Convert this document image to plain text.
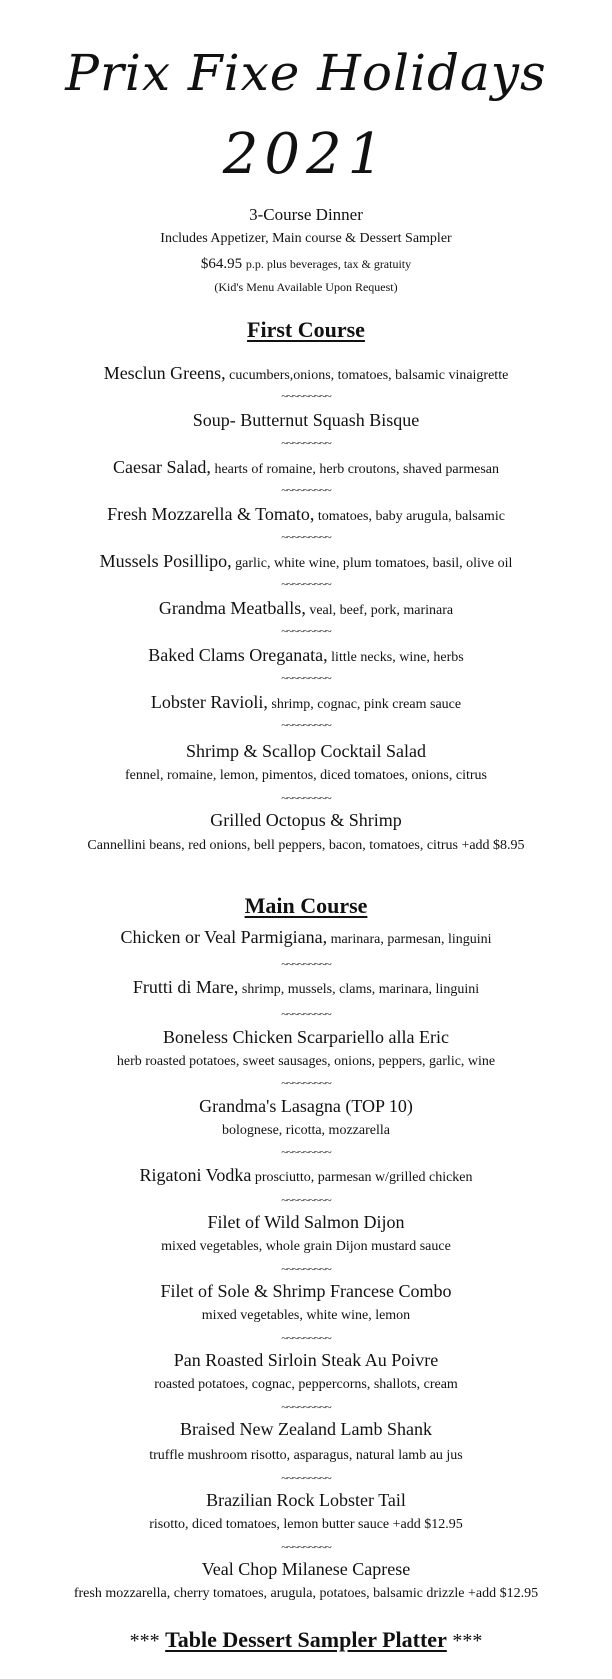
Prix Fixe Holidays
2021
3-Course Dinner
Includes Appetizer, Main course & Dessert Sampler
$64.95 p.p. plus beverages, tax & gratuity
(Kid's Menu Available Upon Request)
First Course
Mesclun Greens, cucumbers,onions, tomatoes, balsamic vinaigrette
~~~~~~~~~
Soup- Butternut Squash Bisque
~~~~~~~~~
Caesar Salad, hearts of romaine, herb croutons, shaved parmesan
~~~~~~~~~
Fresh Mozzarella & Tomato, tomatoes, baby arugula, balsamic
~~~~~~~~~
Mussels Posillipo, garlic, white wine, plum tomatoes, basil, olive oil
~~~~~~~~~
Grandma Meatballs, veal, beef, pork, marinara
~~~~~~~~~
Baked Clams Oreganata, little necks, wine, herbs
~~~~~~~~~
Lobster Ravioli, shrimp, cognac, pink cream sauce
~~~~~~~~~
Shrimp & Scallop Cocktail Salad
fennel, romaine, lemon, pimentos, diced tomatoes, onions, citrus
~~~~~~~~~
Grilled Octopus & Shrimp
Cannellini beans, red onions, bell peppers, bacon, tomatoes, citrus +add $8.95
Main Course
Chicken or Veal Parmigiana, marinara, parmesan, linguini
~~~~~~~~~
Frutti di Mare, shrimp, mussels, clams, marinara, linguini
~~~~~~~~~
Boneless Chicken Scarpariello alla Eric
herb roasted potatoes, sweet sausages, onions, peppers, garlic, wine
~~~~~~~~~
Grandma's Lasagna (TOP 10)
bolognese, ricotta, mozzarella
~~~~~~~~~
Rigatoni Vodka prosciutto, parmesan w/grilled chicken
~~~~~~~~~
Filet of Wild Salmon Dijon
mixed vegetables, whole grain Dijon mustard sauce
~~~~~~~~~
Filet of Sole & Shrimp Francese Combo
mixed vegetables, white wine, lemon
~~~~~~~~~
Pan Roasted Sirloin Steak Au Poivre
roasted potatoes, cognac, peppercorns, shallots, cream
~~~~~~~~~
Braised New Zealand Lamb Shank
truffle mushroom risotto, asparagus, natural lamb au jus
~~~~~~~~~
Brazilian Rock Lobster Tail
risotto, diced tomatoes, lemon butter sauce +add $12.95
~~~~~~~~~
Veal Chop Milanese Caprese
fresh mozzarella, cherry tomatoes, arugula, potatoes, balsamic drizzle +add $12.95
*** Table Dessert Sampler Platter ***
